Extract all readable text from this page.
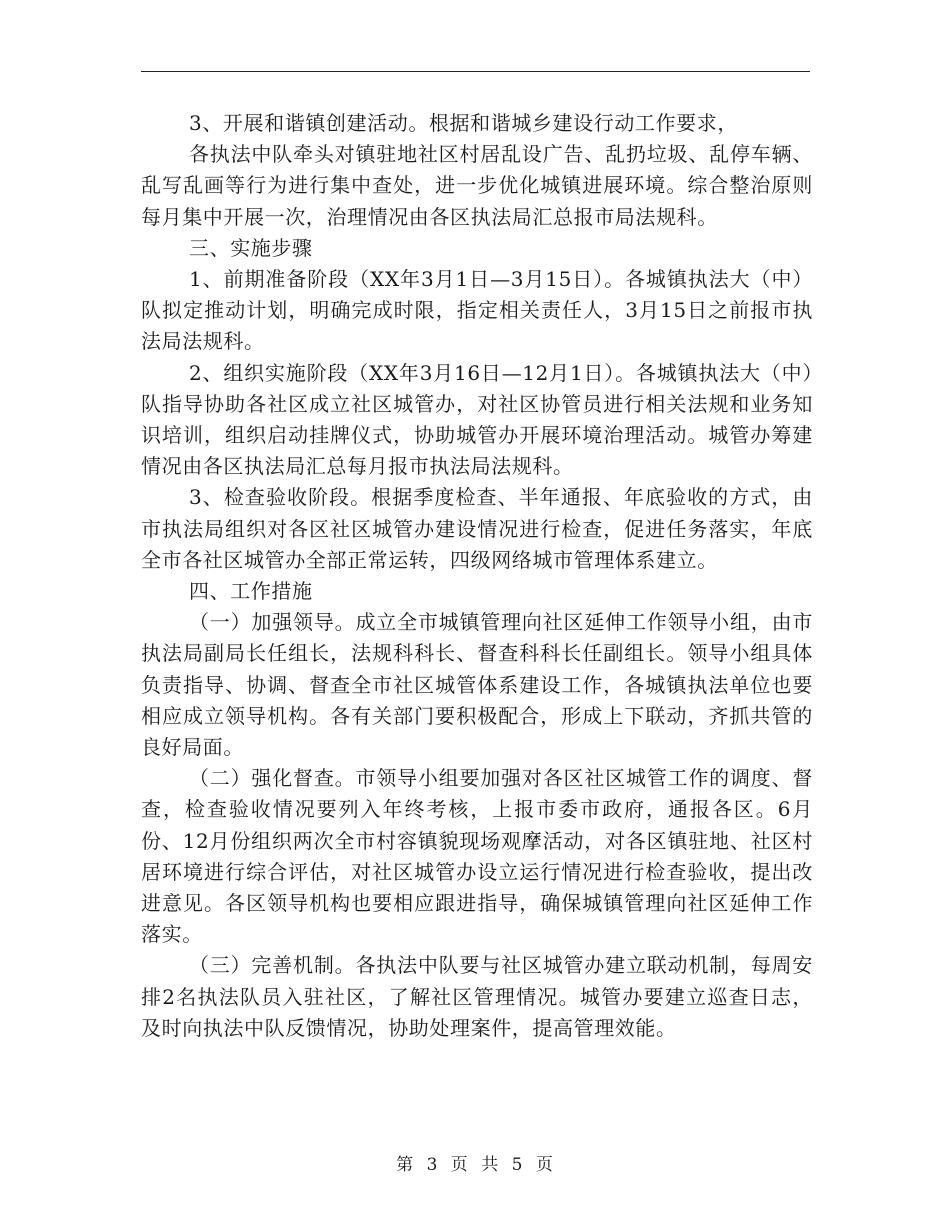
3、开展和谐镇创建活动。根据和谐城乡建设行动工作要求，

各执法中队牵头对镇驻地社区村居乱设广告、乱扔垃圾、乱停车辆、乱写乱画等行为进行集中查处，进一步优化城镇进展环境。综合整治原则每月集中开展一次，治理情况由各区执法局汇总报市局法规科。

三、实施步骤

1、前期准备阶段（XX年3月1日—3月15日）。各城镇执法大（中）队拟定推动计划，明确完成时限，指定相关责任人，3月15日之前报市执法局法规科。

2、组织实施阶段（XX年3月16日—12月1日）。各城镇执法大（中）队指导协助各社区成立社区城管办，对社区协管员进行相关法规和业务知识培训，组织启动挂牌仪式，协助城管办开展环境治理活动。城管办筹建情况由各区执法局汇总每月报市执法局法规科。

3、检查验收阶段。根据季度检查、半年通报、年底验收的方式，由市执法局组织对各区社区城管办建设情况进行检查，促进任务落实，年底全市各社区城管办全部正常运转，四级网络城市管理体系建立。

四、工作措施

（一）加强领导。成立全市城镇管理向社区延伸工作领导小组，由市执法局副局长任组长，法规科科长、督查科科长任副组长。领导小组具体负责指导、协调、督查全市社区城管体系建设工作，各城镇执法单位也要相应成立领导机构。各有关部门要积极配合，形成上下联动，齐抓共管的良好局面。

（二）强化督查。市领导小组要加强对各区社区城管工作的调度、督查，检查验收情况要列入年终考核，上报市委市政府，通报各区。6月份、12月份组织两次全市村容镇貌现场观摩活动，对各区镇驻地、社区村居环境进行综合评估，对社区城管办设立运行情况进行检查验收，提出改进意见。各区领导机构也要相应跟进指导，确保城镇管理向社区延伸工作落实。

（三）完善机制。各执法中队要与社区城管办建立联动机制，每周安排2名执法队员入驻社区，了解社区管理情况。城管办要建立巡查日志，及时向执法中队反馈情况，协助处理案件，提高管理效能。

第 3 页 共 5 页
